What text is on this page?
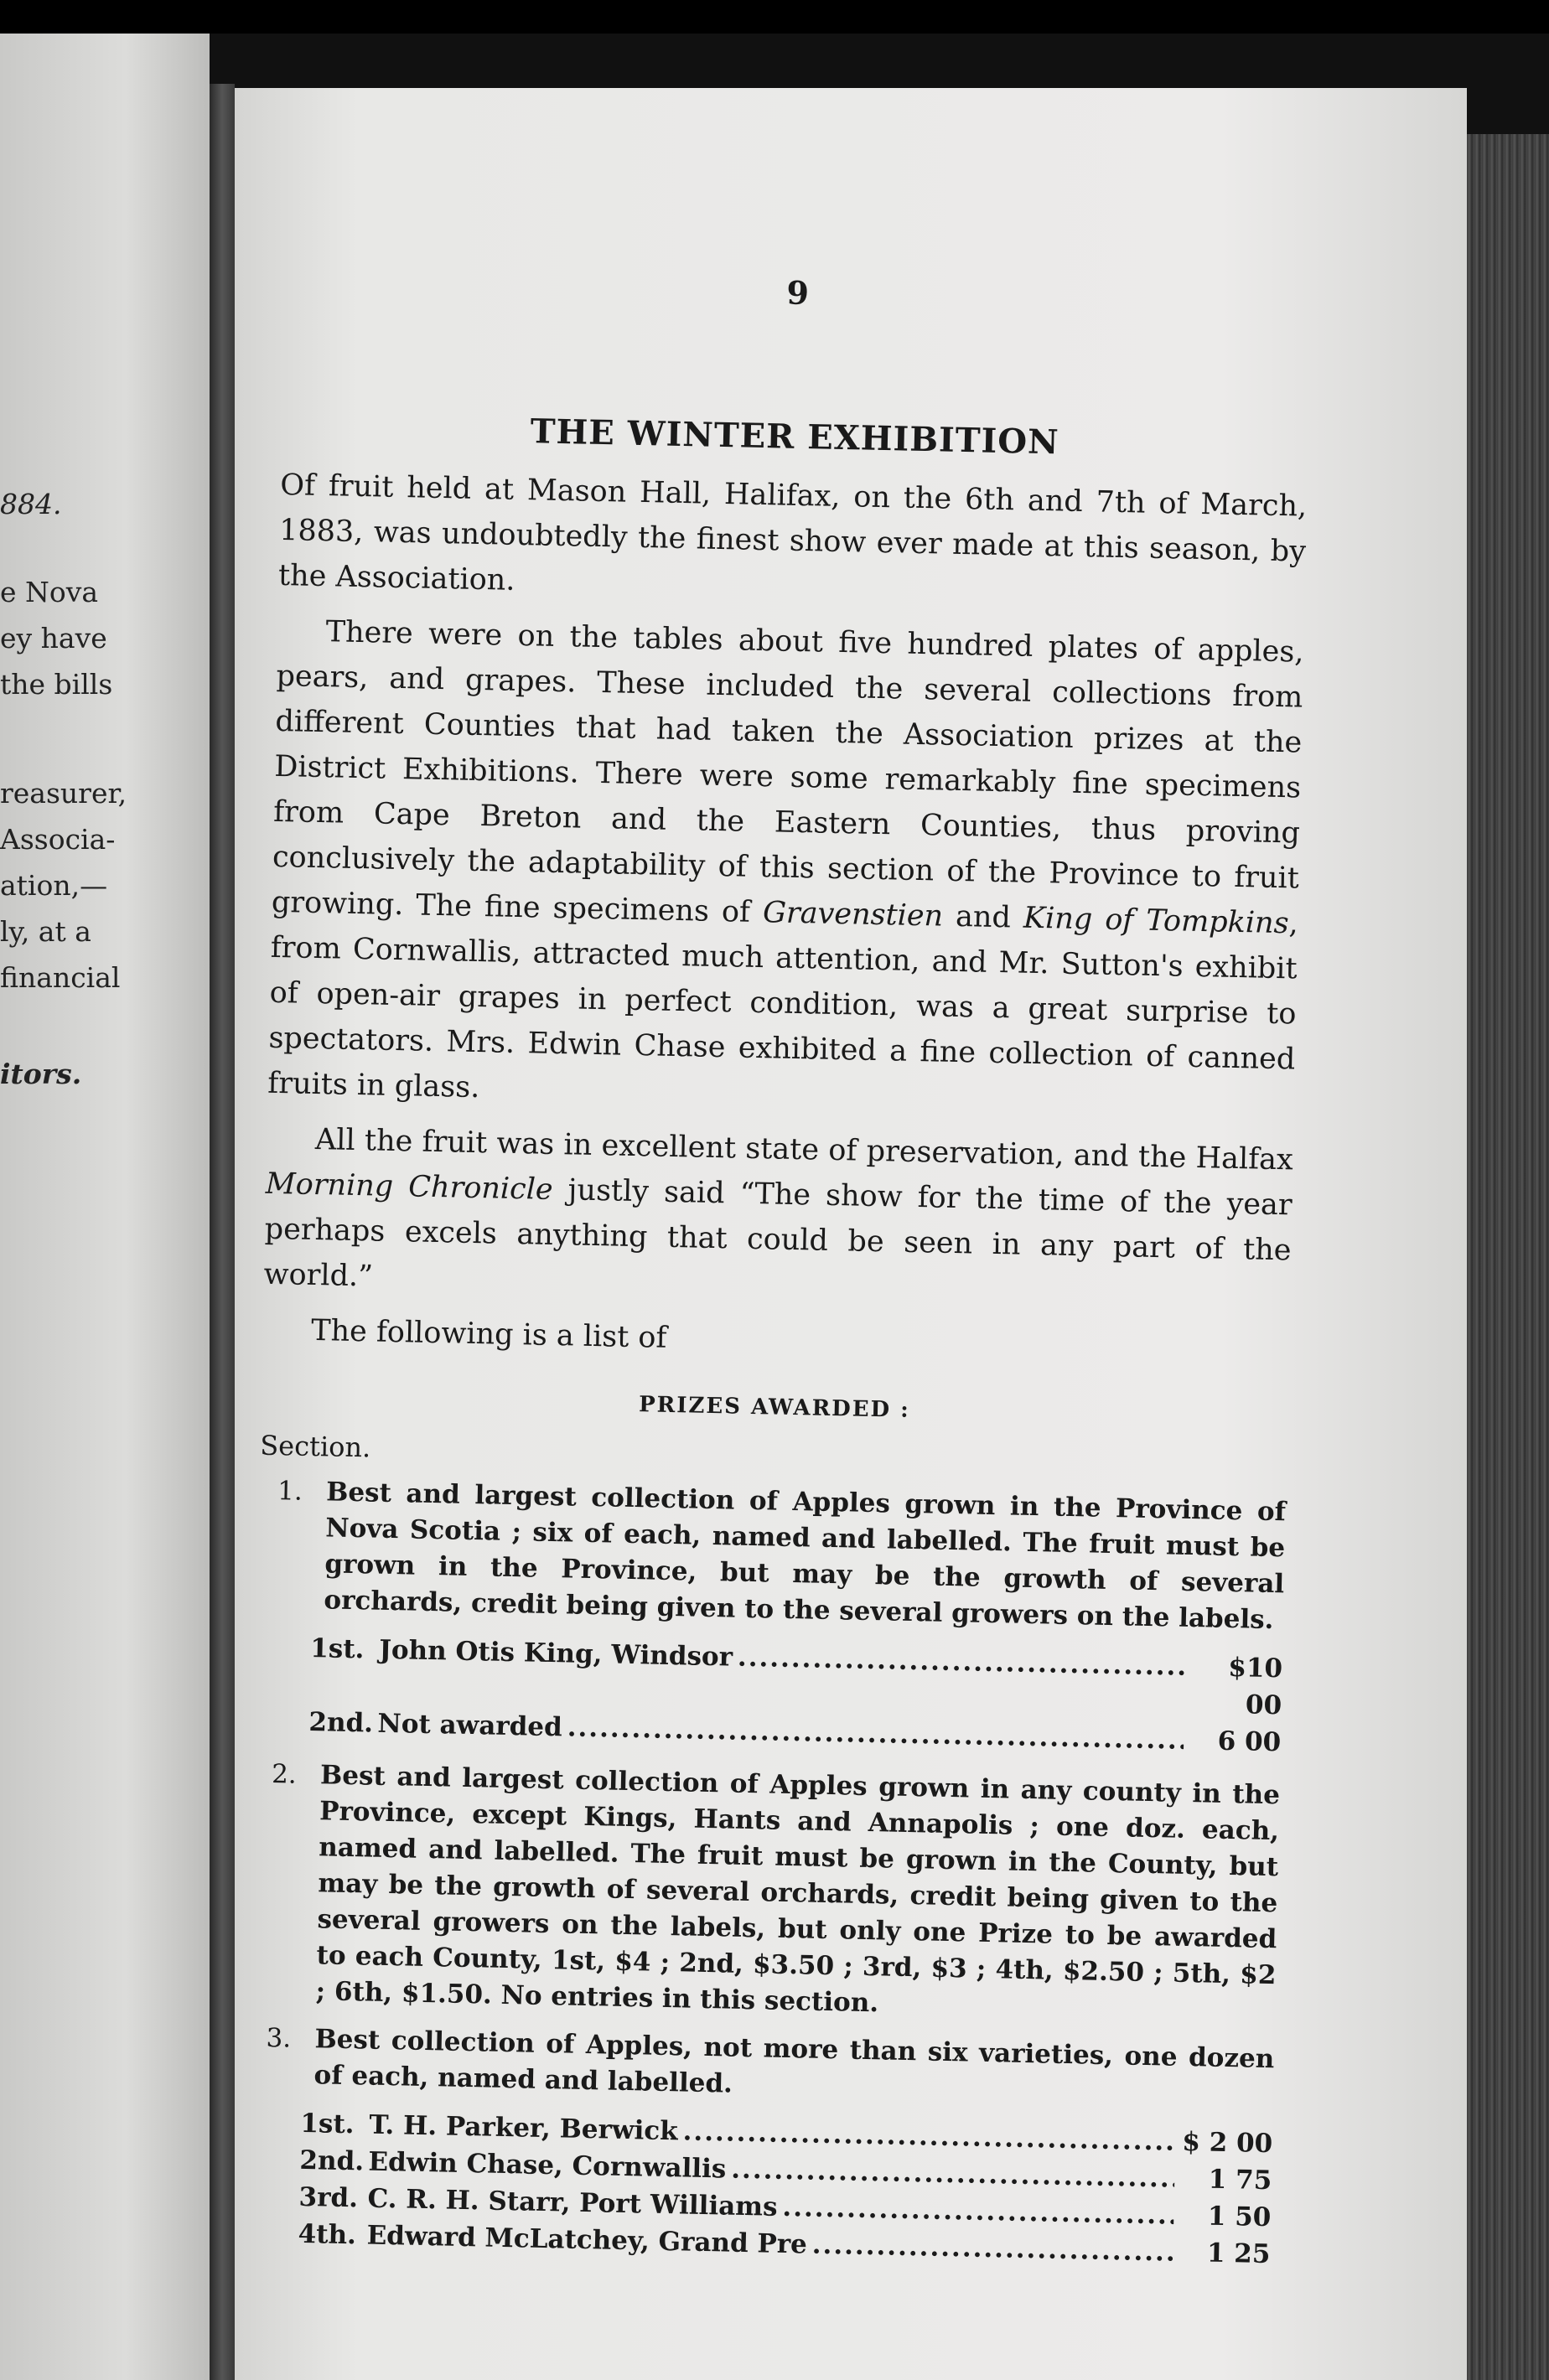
884.
e Nova
ey have
the bills
reasurer,
Associa-
ation,—
ly, at a
financial
itors.
9
THE WINTER EXHIBITION

Of fruit held at Mason Hall, Halifax, on the 6th and 7th of March, 1883, was undoubtedly the finest show ever made at this season, by the Association.

There were on the tables about five hundred plates of apples, pears, and grapes. These included the several collections from different Counties that had taken the Association prizes at the District Exhibitions. There were some remarkably fine specimens from Cape Breton and the Eastern Counties, thus proving conclusively the adaptability of this section of the Province to fruit growing. The fine specimens of Gravenstien and King of Tompkins, from Cornwallis, attracted much attention, and Mr. Sutton's exhibit of open-air grapes in perfect condition, was a great surprise to spectators. Mrs. Edwin Chase exhibited a fine collection of canned fruits in glass.

All the fruit was in excellent state of preservation, and the Halfax Morning Chronicle justly said “The show for the time of the year perhaps excels anything that could be seen in any part of the world.”

The following is a list of

PRIZES AWARDED :
Section.
1. Best and largest collection of Apples grown in the Province of Nova Scotia ; six of each, named and labelled. The fruit must be grown in the Province, but may be the growth of several orchards, credit being given to the several growers on the labels.
1st. John Otis King, Windsor .....	$10 00
2nd. Not awarded .....	6 00
2. Best and largest collection of Apples grown in any county in the Province, except Kings, Hants and Annapolis ; one doz. each, named and labelled. The fruit must be grown in the County, but may be the growth of several orchards, credit being given to the several growers on the labels, but only one Prize to be awarded to each County, 1st, $4 ; 2nd, $3.50 ; 3rd, $3 ; 4th, $2.50 ; 5th, $2 ; 6th, $1.50. No entries in this section.
3. Best collection of Apples, not more than six varieties, one dozen of each, named and labelled.
1st. T. H. Parker, Berwick .....	$ 2 00
2nd. Edwin Chase, Cornwallis .....	1 75
3rd. C. R. H. Starr, Port Williams .....	1 50
4th. Edward McLatchey, Grand Pre .....	1 25
